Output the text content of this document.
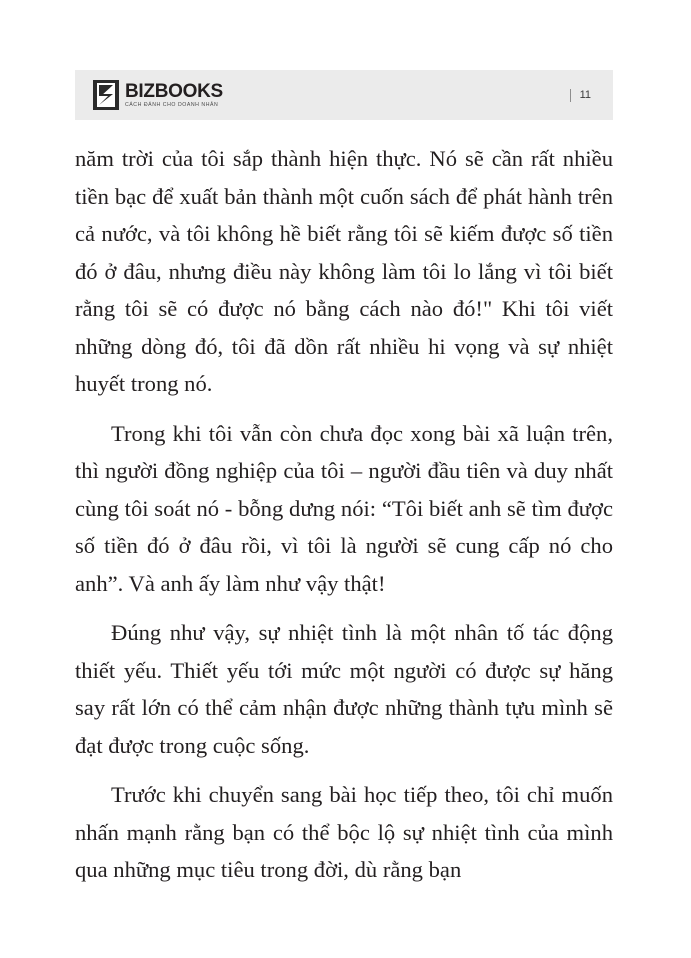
BIZBOOKS
CÁCH ĐÁNH CHO DOANH NHÂN
11

năm trời của tôi sắp thành hiện thực. Nó sẽ cần rất nhiều tiền bạc để xuất bản thành một cuốn sách để phát hành trên cả nước, và tôi không hề biết rằng tôi sẽ kiếm được số tiền đó ở đâu, nhưng điều này không làm tôi lo lắng vì tôi biết rằng tôi sẽ có được nó bằng cách nào đó!" Khi tôi viết những dòng đó, tôi đã dồn rất nhiều hi vọng và sự nhiệt huyết trong nó.

Trong khi tôi vẫn còn chưa đọc xong bài xã luận trên, thì người đồng nghiệp của tôi – người đầu tiên và duy nhất cùng tôi soát nó - bỗng dưng nói: “Tôi biết anh sẽ tìm được số tiền đó ở đâu rồi, vì tôi là người sẽ cung cấp nó cho anh”. Và anh ấy làm như vậy thật!

Đúng như vậy, sự nhiệt tình là một nhân tố tác động thiết yếu. Thiết yếu tới mức một người có được sự hăng say rất lớn có thể cảm nhận được những thành tựu mình sẽ đạt được trong cuộc sống.

Trước khi chuyển sang bài học tiếp theo, tôi chỉ muốn nhấn mạnh rằng bạn có thể bộc lộ sự nhiệt tình của mình qua những mục tiêu trong đời, dù rằng bạn
